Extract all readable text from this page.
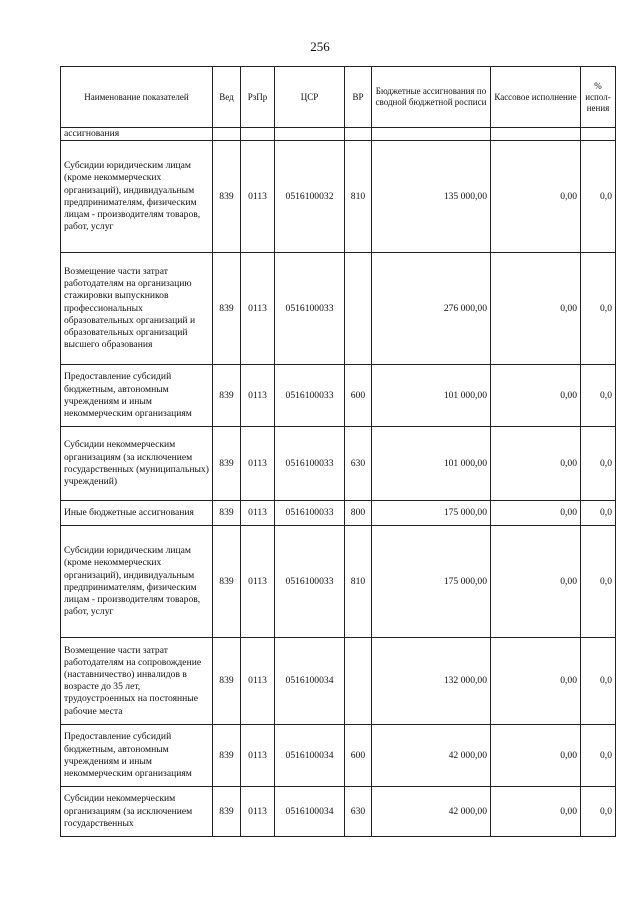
256
Наименование показателей	Вед	РзПр	ЦСР	ВР	Бюджетные ассигнования по сводной бюджетной росписи	Кассовое исполнение	% испол-нения
ассигнования							
Субсидии юридическим лицам (кроме некоммерческих организаций), индивидуальным предпринимателям, физическим лицам - производителям товаров, работ, услуг	839	0113	0516100032	810	135 000,00	0,00	0,0
Возмещение части затрат работодателям на организацию стажировки выпускников профессиональных образовательных организаций и образовательных организаций высшего образования	839	0113	0516100033		276 000,00	0,00	0,0
Предоставление субсидий бюджетным, автономным учреждениям и иным некоммерческим организациям	839	0113	0516100033	600	101 000,00	0,00	0,0
Субсидии некоммерческим организациям (за исключением государственных (муниципальных) учреждений)	839	0113	0516100033	630	101 000,00	0,00	0,0
Иные бюджетные ассигнования	839	0113	0516100033	800	175 000,00	0,00	0,0
Субсидии юридическим лицам (кроме некоммерческих организаций), индивидуальным предпринимателям, физическим лицам - производителям товаров, работ, услуг	839	0113	0516100033	810	175 000,00	0,00	0,0
Возмещение части затрат работодателям на сопровождение (наставничество) инвалидов в возрасте до 35 лет, трудоустроенных на постоянные рабочие места	839	0113	0516100034		132 000,00	0,00	0,0
Предоставление субсидий бюджетным, автономным учреждениям и иным некоммерческим организациям	839	0113	0516100034	600	42 000,00	0,00	0,0
Субсидии некоммерческим организациям (за исключением государственных	839	0113	0516100034	630	42 000,00	0,00	0,0
